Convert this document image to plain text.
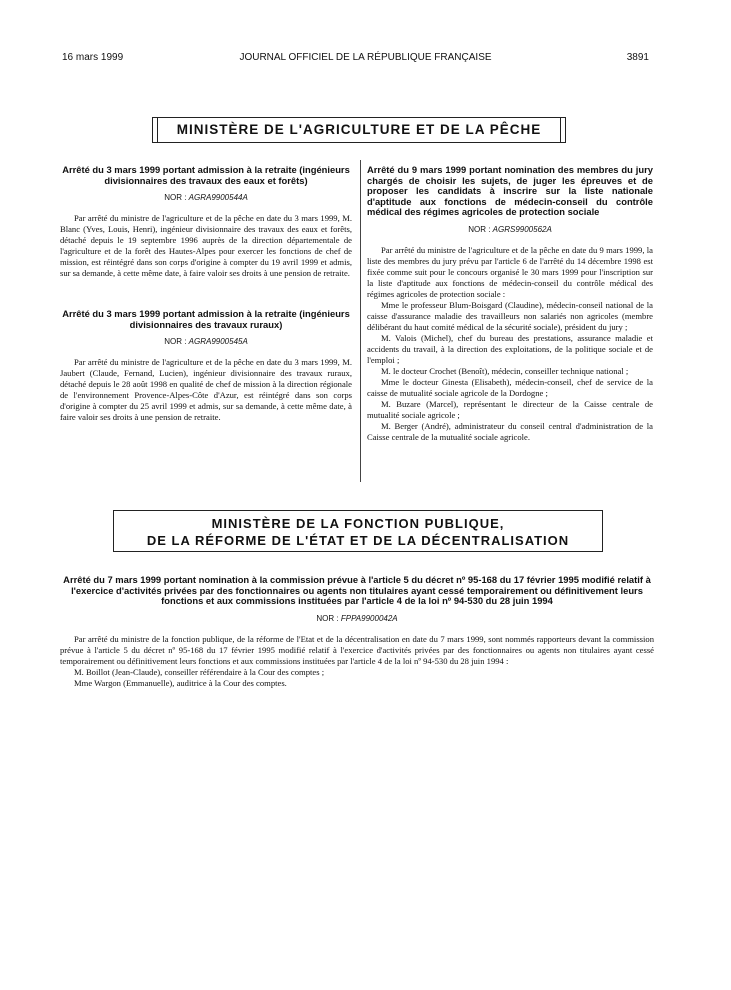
16 mars 1999	JOURNAL OFFICIEL DE LA RÉPUBLIQUE FRANÇAISE	3891
MINISTÈRE DE L'AGRICULTURE ET DE LA PÊCHE
Arrêté du 3 mars 1999 portant admission à la retraite (ingénieurs divisionnaires des travaux des eaux et forêts)
NOR : AGRA9900544A

Par arrêté du ministre de l'agriculture et de la pêche en date du 3 mars 1999, M. Blanc (Yves, Louis, Henri), ingénieur divisionnaire des travaux des eaux et forêts, détaché depuis le 19 septembre 1996 auprès de la direction départementale de l'agriculture et de la forêt des Hautes-Alpes pour exercer les fonctions de chef de mission, est réintégré dans son corps d'origine à compter du 19 avril 1999 et admis, sur sa demande, à cette même date, à faire valoir ses droits à une pension de retraite.

Arrêté du 3 mars 1999 portant admission à la retraite (ingénieurs divisionnaires des travaux ruraux)
NOR : AGRA9900545A

Par arrêté du ministre de l'agriculture et de la pêche en date du 3 mars 1999, M. Jaubert (Claude, Fernand, Lucien), ingénieur divisionnaire des travaux ruraux, détaché depuis le 28 août 1998 en qualité de chef de mission à la direction régionale de l'environnement Provence-Alpes-Côte d'Azur, est réintégré dans son corps d'origine à compter du 25 avril 1999 et admis, sur sa demande, à cette même date, à faire valoir ses droits à une pension de retraite.

Arrêté du 9 mars 1999 portant nomination des membres du jury chargés de choisir les sujets, de juger les épreuves et de proposer les candidats à inscrire sur la liste nationale d'aptitude aux fonctions de médecin-conseil du contrôle médical des régimes agricoles de protection sociale
NOR : AGRS9900562A

Par arrêté du ministre de l'agriculture et de la pêche en date du 9 mars 1999, la liste des membres du jury prévu par l'article 6 de l'arrêté du 14 décembre 1998 est fixée comme suit pour le concours organisé le 30 mars 1999 pour l'inscription sur la liste d'aptitude aux fonctions de médecin-conseil du contrôle médical des régimes agricoles de protection sociale :

Mme le professeur Blum-Boisgard (Claudine), médecin-conseil national de la caisse d'assurance maladie des travailleurs non salariés non agricoles (membre délibérant du haut comité médical de la sécurité sociale), président du jury ;

M. Valois (Michel), chef du bureau des prestations, assurance maladie et accidents du travail, à la direction des exploitations, de la politique sociale et de l'emploi ;

M. le docteur Crochet (Benoît), médecin, conseiller technique national ;

Mme le docteur Ginesta (Elisabeth), médecin-conseil, chef de service de la caisse de mutualité sociale agricole de la Dordogne ;

M. Buzare (Marcel), représentant le directeur de la Caisse centrale de mutualité sociale agricole ;

M. Berger (André), administrateur du conseil central d'administration de la Caisse centrale de la mutualité sociale agricole.

MINISTÈRE DE LA FONCTION PUBLIQUE,
DE LA RÉFORME DE L'ÉTAT ET DE LA DÉCENTRALISATION
Arrêté du 7 mars 1999 portant nomination à la commission prévue à l'article 5 du décret nº 95-168 du 17 février 1995 modifié relatif à l'exercice d'activités privées par des fonctionnaires ou agents non titulaires ayant cessé temporairement ou définitivement leurs fonctions et aux commissions instituées par l'article 4 de la loi nº 94-530 du 28 juin 1994
NOR : FPPA9900042A

Par arrêté du ministre de la fonction publique, de la réforme de l'Etat et de la décentralisation en date du 7 mars 1999, sont nommés rapporteurs devant la commission prévue à l'article 5 du décret nº 95-168 du 17 février 1995 modifié relatif à l'exercice d'activités privées par des fonctionnaires ou agents non titulaires ayant cessé temporairement ou définitivement leurs fonctions et aux commissions instituées par l'article 4 de la loi nº 94-530 du 28 juin 1994 :

M. Boillot (Jean-Claude), conseiller référendaire à la Cour des comptes ;

Mme Wargon (Emmanuelle), auditrice à la Cour des comptes.
